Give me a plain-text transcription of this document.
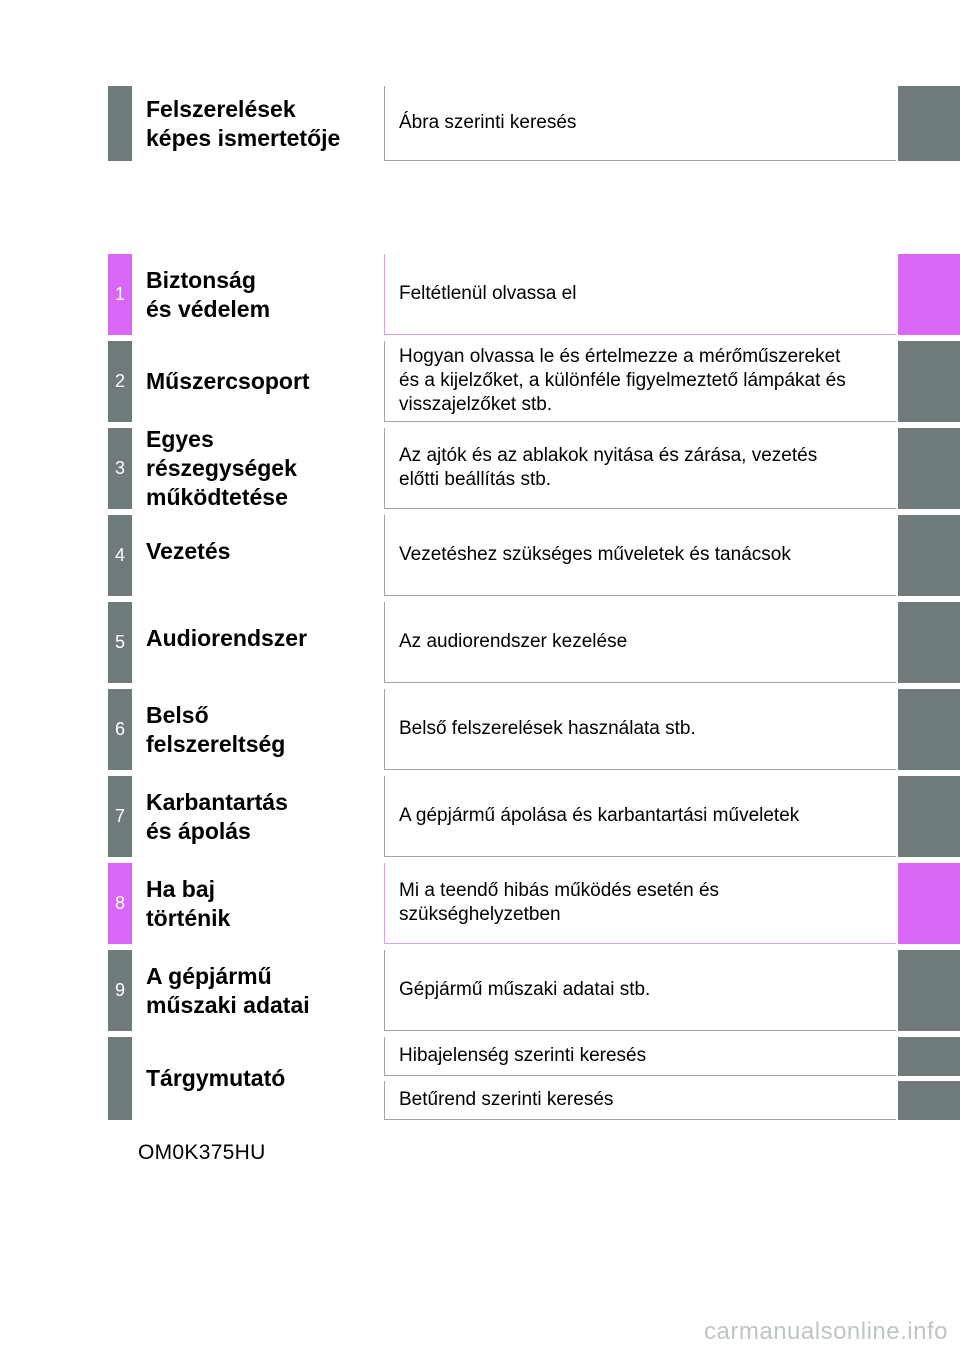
Felszerelések
képes ismertetője
Ábra szerinti keresés
1
Biztonság
és védelem
Feltétlenül olvassa el
2 Műszercsoport
Hogyan olvassa le és értelmezze a mérőműszereket
és a kijelzőket, a különféle figyelmeztető lámpákat és
visszajelzőket stb.
3
Egyes
részegységek
működtetése
Az ajtók és az ablakok nyitása és zárása, vezetés
előtti beállítás stb.
4 Vezetés	Vezetéshez szükséges műveletek és tanácsok
5 Audiorendszer	Az audiorendszer kezelése
6
Belső
felszereltség
Belső felszerelések használata stb.
7
Karbantartás
és ápolás
A gépjármű ápolása és karbantartási műveletek
8
Ha baj
történik
Mi a teendő hibás működés esetén és
szükséghelyzetben
9
A gépjármű
műszaki adatai
Gépjármű műszaki adatai stb.
Tárgymutató
Hibajelenség szerinti keresés
Betűrend szerinti keresés
OM0K375HU
carmanualsonline.info
